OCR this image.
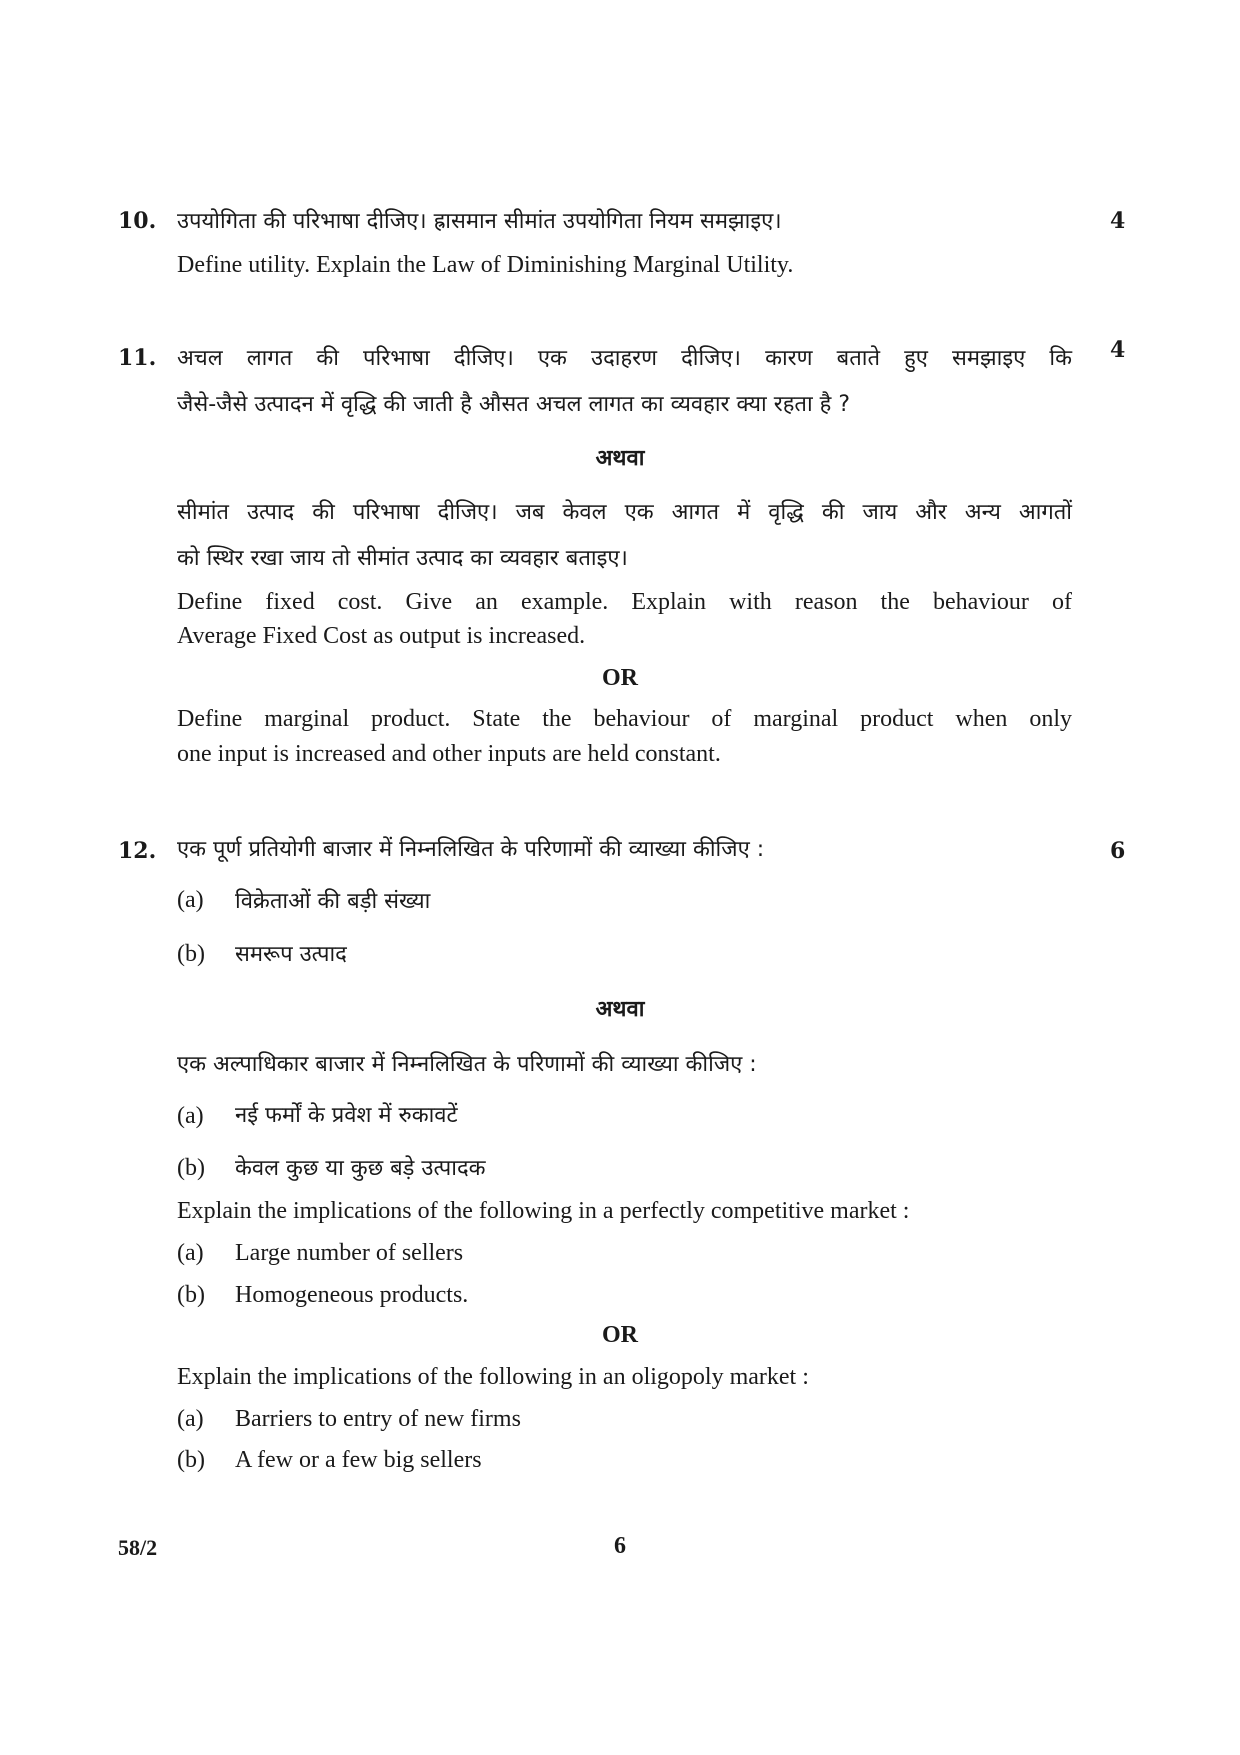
10. उपयोगिता की परिभाषा दीजिए। ह्रासमान सीमांत उपयोगिता नियम समझाइए।	4
Define utility. Explain the Law of Diminishing Marginal Utility.
11. अचल लागत की परिभाषा दीजिए। एक उदाहरण दीजिए। कारण बताते हुए समझाइए कि 4
जैसे-जैसे उत्पादन में वृद्धि की जाती है औसत अचल लागत का व्यवहार क्या रहता है ?
अथवा
सीमांत उत्पाद की परिभाषा दीजिए। जब केवल एक आगत में वृद्धि की जाय और अन्य आगतों
को स्थिर रखा जाय तो सीमांत उत्पाद का व्यवहार बताइए।
Define fixed cost. Give an example. Explain with reason the behaviour of
Average Fixed Cost as output is increased.
OR
Define marginal product. State the behaviour of marginal product when only
one input is increased and other inputs are held constant.
12. एक पूर्ण प्रतियोगी बाजार में निम्नलिखित के परिणामों की व्याख्या कीजिए :	6
(a) विक्रेताओं की बड़ी संख्या
(b) समरूप उत्पाद
अथवा
एक अल्पाधिकार बाजार में निम्नलिखित के परिणामों की व्याख्या कीजिए :
(a) नई फर्मों के प्रवेश में रुकावटें
(b) केवल कुछ या कुछ बड़े उत्पादक
Explain the implications of the following in a perfectly competitive market :
(a) Large number of sellers
(b) Homogeneous products.
OR
Explain the implications of the following in an oligopoly market :
(a) Barriers to entry of new firms
(b) A few or a few big sellers
58/2	6
